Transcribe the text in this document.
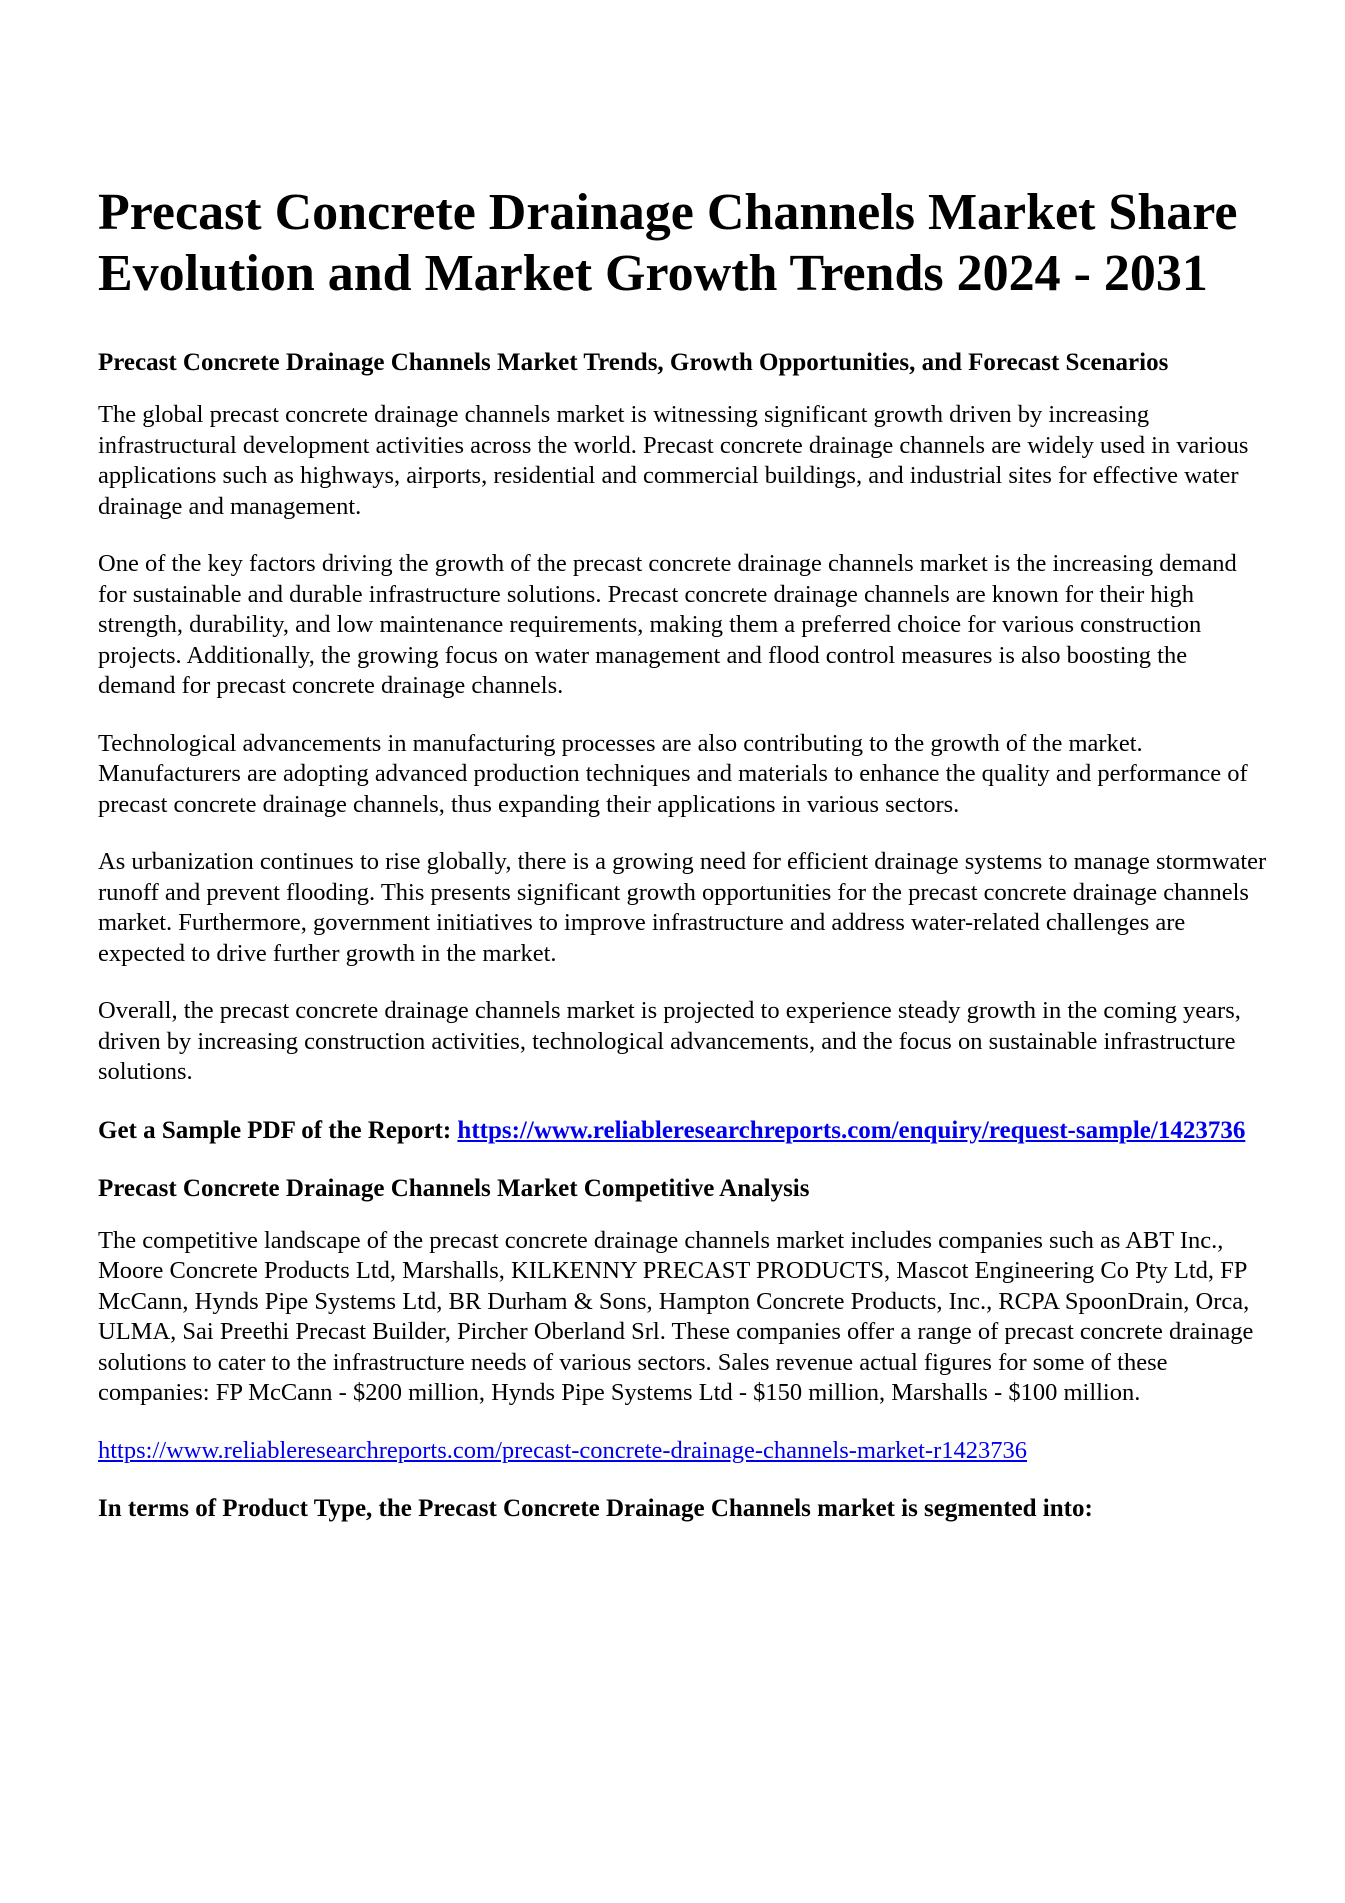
Precast Concrete Drainage Channels Market Share Evolution and Market Growth Trends 2024 - 2031
Precast Concrete Drainage Channels Market Trends, Growth Opportunities, and Forecast Scenarios

The global precast concrete drainage channels market is witnessing significant growth driven by increasing infrastructural development activities across the world. Precast concrete drainage channels are widely used in various applications such as highways, airports, residential and commercial buildings, and industrial sites for effective water drainage and management.

One of the key factors driving the growth of the precast concrete drainage channels market is the increasing demand for sustainable and durable infrastructure solutions. Precast concrete drainage channels are known for their high strength, durability, and low maintenance requirements, making them a preferred choice for various construction projects. Additionally, the growing focus on water management and flood control measures is also boosting the demand for precast concrete drainage channels.

Technological advancements in manufacturing processes are also contributing to the growth of the market. Manufacturers are adopting advanced production techniques and materials to enhance the quality and performance of precast concrete drainage channels, thus expanding their applications in various sectors.

As urbanization continues to rise globally, there is a growing need for efficient drainage systems to manage stormwater runoff and prevent flooding. This presents significant growth opportunities for the precast concrete drainage channels market. Furthermore, government initiatives to improve infrastructure and address water-related challenges are expected to drive further growth in the market.

Overall, the precast concrete drainage channels market is projected to experience steady growth in the coming years, driven by increasing construction activities, technological advancements, and the focus on sustainable infrastructure solutions.

Get a Sample PDF of the Report: https://www.reliableresearchreports.com/enquiry/request-sample/1423736
Precast Concrete Drainage Channels Market Competitive Analysis

The competitive landscape of the precast concrete drainage channels market includes companies such as ABT Inc., Moore Concrete Products Ltd, Marshalls, KILKENNY PRECAST PRODUCTS, Mascot Engineering Co Pty Ltd, FP McCann, Hynds Pipe Systems Ltd, BR Durham & Sons, Hampton Concrete Products, Inc., RCPA SpoonDrain, Orca, ULMA, Sai Preethi Precast Builder, Pircher Oberland Srl. These companies offer a range of precast concrete drainage solutions to cater to the infrastructure needs of various sectors. Sales revenue actual figures for some of these companies: FP McCann - $200 million, Hynds Pipe Systems Ltd - $150 million, Marshalls - $100 million.

https://www.reliableresearchreports.com/precast-concrete-drainage-channels-market-r1423736
In terms of Product Type, the Precast Concrete Drainage Channels market is segmented into:
